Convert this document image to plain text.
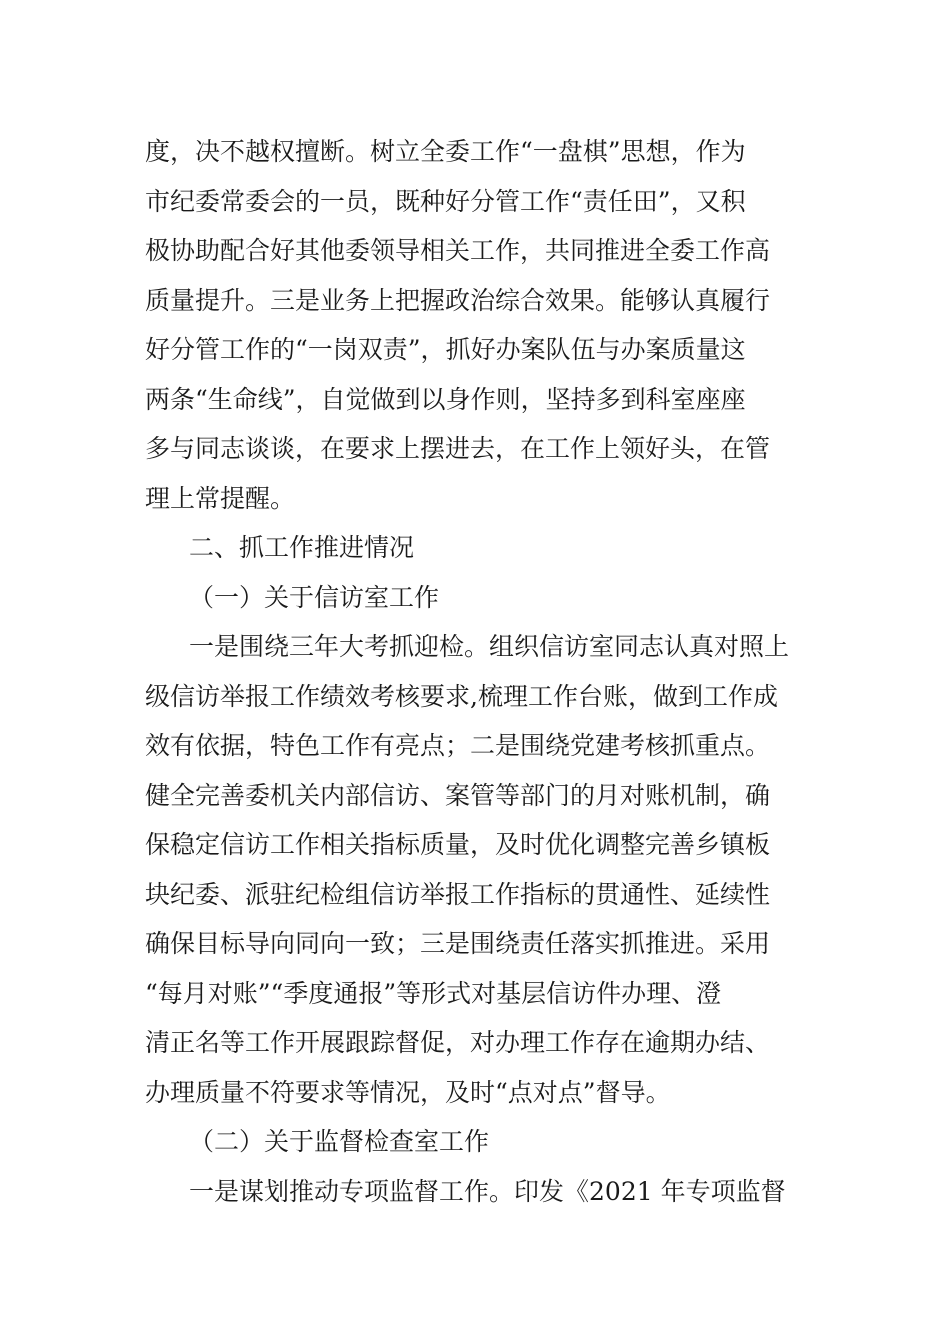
度，决不越权擅断。树立全委工作“一盘棋”思想，作为
市纪委常委会的一员，既种好分管工作“责任田”，又积
极协助配合好其他委领导相关工作，共同推进全委工作高
质量提升。三是业务上把握政治综合效果。能够认真履行
好分管工作的“一岗双责”，抓好办案队伍与办案质量这
两条“生命线”，自觉做到以身作则，坚持多到科室座座
多与同志谈谈，在要求上摆进去，在工作上领好头，在管
理上常提醒。
二、抓工作推进情况
（一）关于信访室工作
一是围绕三年大考抓迎检。组织信访室同志认真对照上
级信访举报工作绩效考核要求,梳理工作台账，做到工作成
效有依据，特色工作有亮点；二是围绕党建考核抓重点。
健全完善委机关内部信访、案管等部门的月对账机制，确
保稳定信访工作相关指标质量，及时优化调整完善乡镇板
块纪委、派驻纪检组信访举报工作指标的贯通性、延续性
确保目标导向同向一致；三是围绕责任落实抓推进。采用
“每月对账”“季度通报”等形式对基层信访件办理、澄
清正名等工作开展跟踪督促，对办理工作存在逾期办结、
办理质量不符要求等情况，及时“点对点”督导。
（二）关于监督检查室工作
一是谋划推动专项监督工作。印发《2021 年专项监督
